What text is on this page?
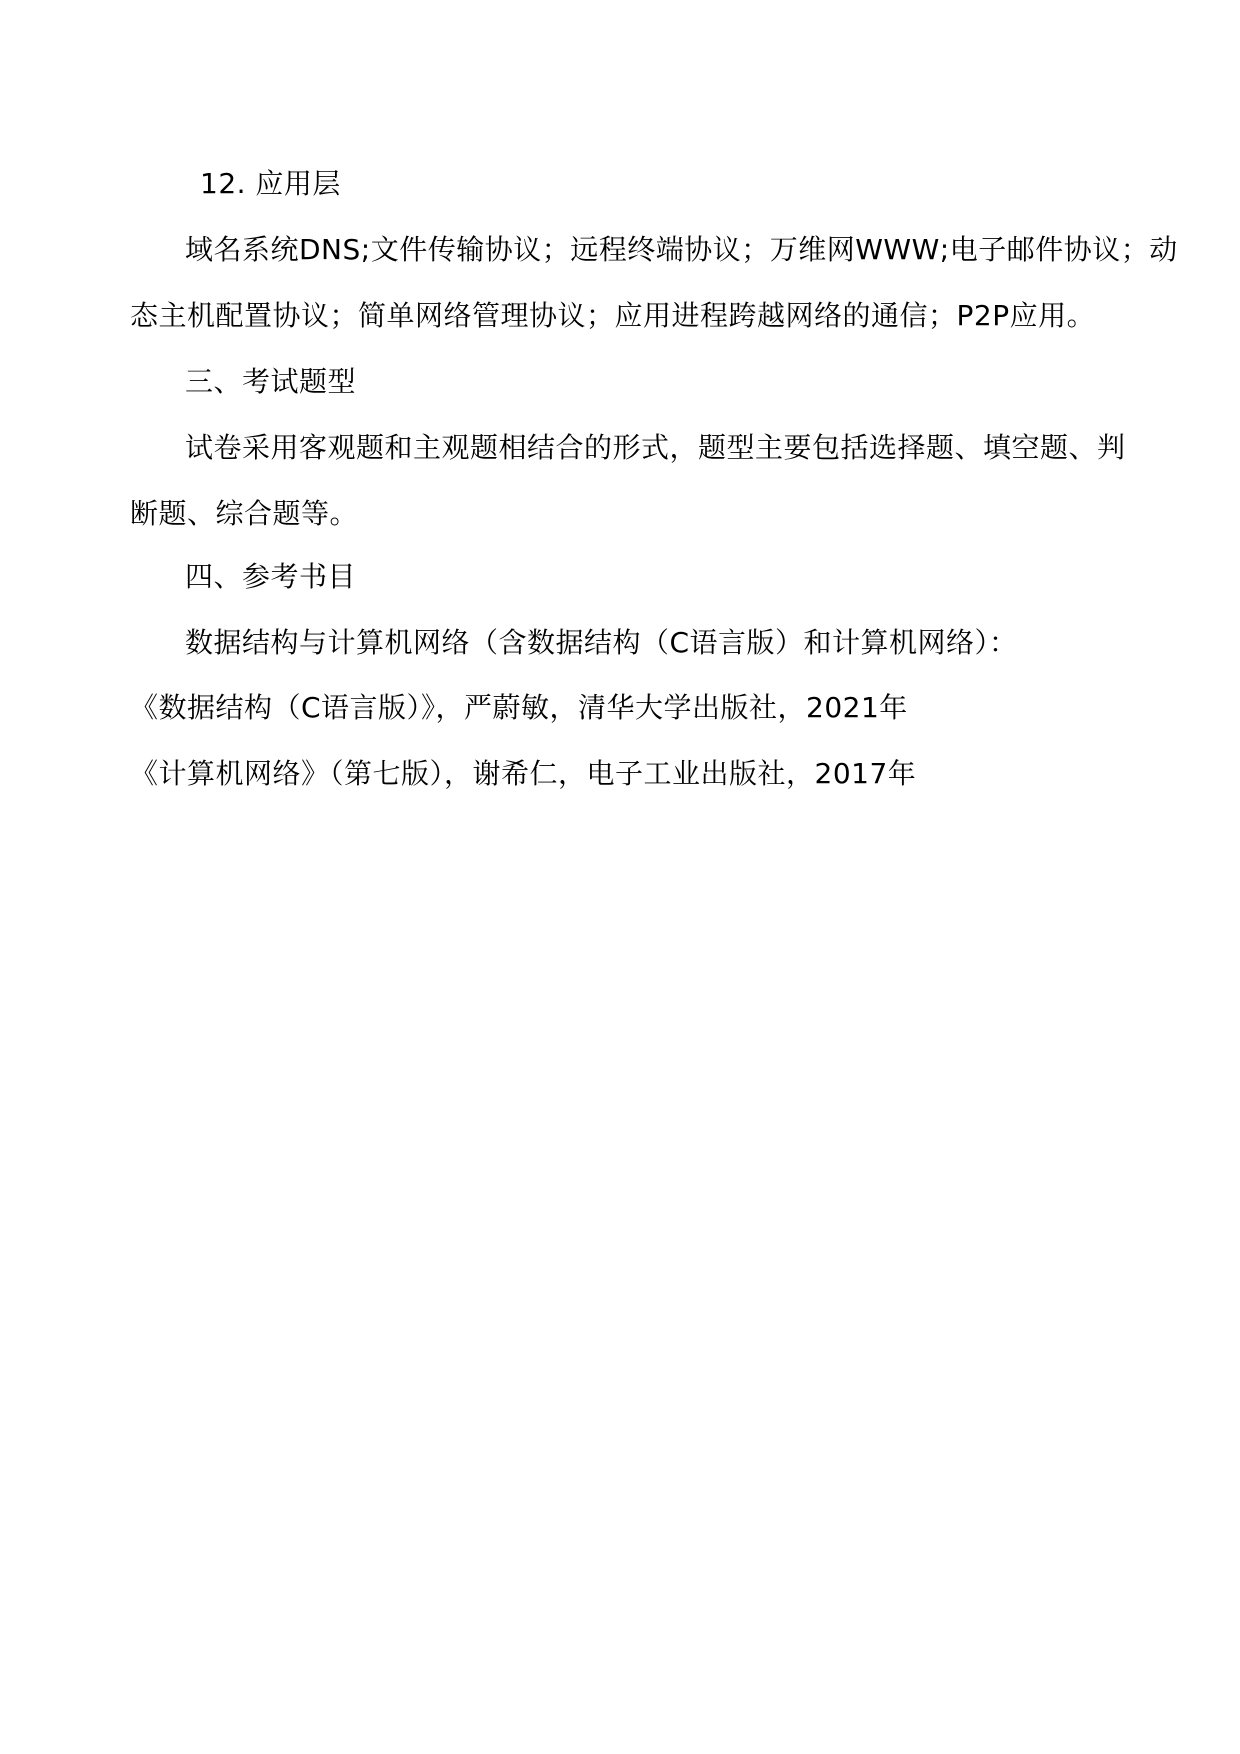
12. 应用层
域名系统DNS;文件传输协议；远程终端协议；万维网WWW;电子邮件协议；动
态主机配置协议；简单网络管理协议；应用进程跨越网络的通信；P2P应用。
三、考试题型
试卷采用客观题和主观题相结合的形式，题型主要包括选择题、填空题、判
断题、综合题等。
四、参考书目
数据结构与计算机网络（含数据结构（C语言版）和计算机网络）：
《数据结构（C语言版）》，严蔚敏，清华大学出版社，2021年
《计算机网络》（第七版），谢希仁，电子工业出版社，2017年
